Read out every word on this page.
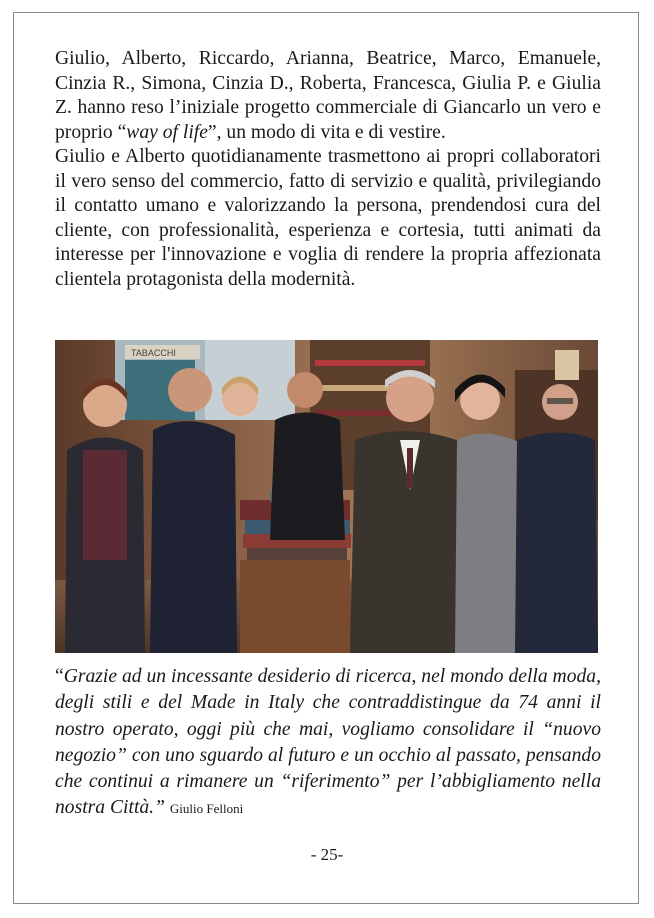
Giulio, Alberto, Riccardo, Arianna, Beatrice, Marco, Emanuele, Cinzia R., Simona, Cinzia D., Roberta, Francesca, Giulia P. e Giulia Z. hanno reso l’iniziale progetto commerciale di Giancarlo un vero e proprio “way of life”, un modo di vita e di vestire.

Giulio e Alberto quotidianamente trasmettono ai propri collaboratori il vero senso del commercio, fatto di servizio e qualità, privilegiando il contatto umano e valorizzando la persona, prendendosi cura del cliente, con professionalità, esperienza e cortesia, tutti animati da interesse per l'innovazione e voglia di rendere la propria affezionata clientela protagonista della modernità.

TABACCHI

“Grazie ad un incessante desiderio di ricerca, nel mondo della moda, degli stili e del Made in Italy che contraddistingue da 74 anni il nostro operato, oggi più che mai, vogliamo consolidare il “nuovo negozio” con uno sguardo al futuro e un occhio al passato, pensando che continui a rimanere un “riferimento” per l’abbigliamento nella nostra Città.” Giulio Felloni

- 25-
